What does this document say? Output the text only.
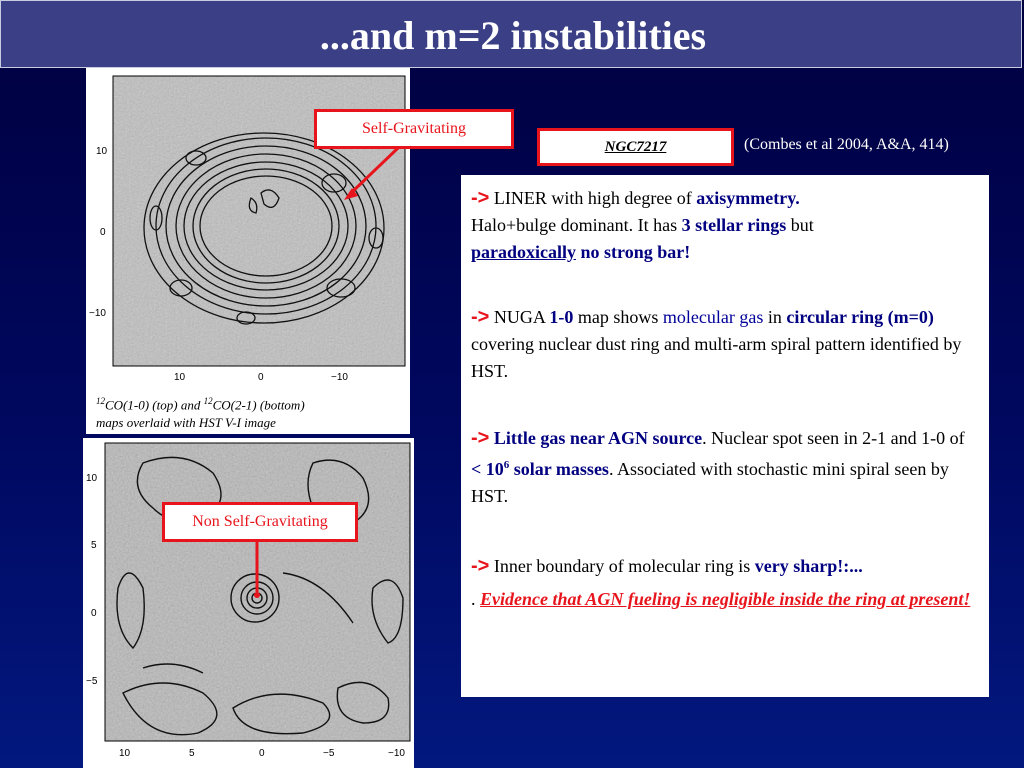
...and m=2 instabilities
10
0
−10
10	0	−10
$^{12}$CO(1-0) (top) and $^{12}$CO(2-1) (bottom)
maps overlaid with HST V-I image
10
5
0
−5
10	5	0	−5	−10
Self-Gravitating
Non Self-Gravitating
NGC7217	(Combes et al 2004, A&A, 414)

-> LINER with high degree of axisymmetry.
Halo+bulge dominant. It has 3 stellar rings but
paradoxically no strong bar!

-> NUGA 1-0 map shows molecular gas in circular ring (m=0) covering nuclear dust ring and multi-arm spiral pattern identified by HST.

-> Little gas near AGN source. Nuclear spot seen in 2-1 and 1-0 of < $10^6$ solar masses. Associated with stochastic mini spiral seen by HST.

-> Inner boundary of molecular ring is very sharp!:...

. Evidence that AGN fueling is negligible inside the ring at present!
